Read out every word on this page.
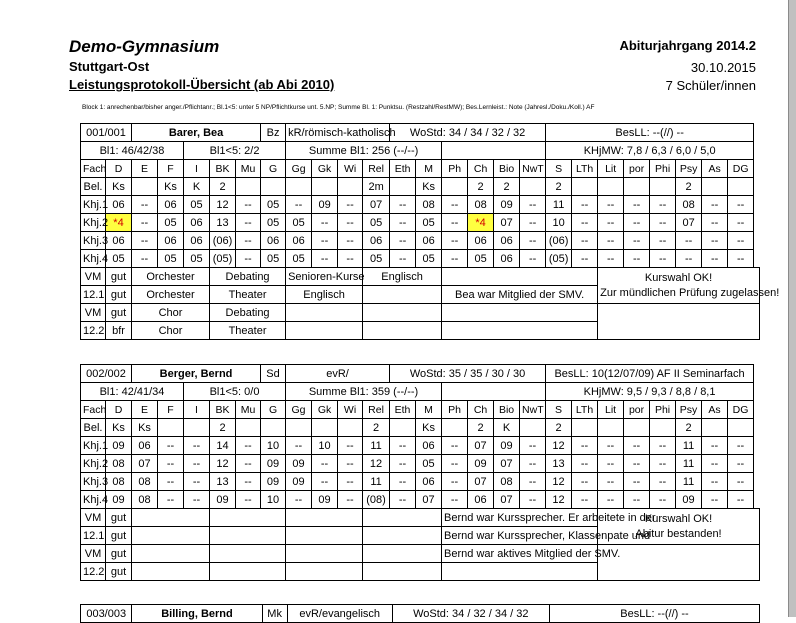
Demo-Gymnasium
Stuttgart-Ost
Leistungsprotokoll-Übersicht (ab Abi 2010)
Abiturjahrgang 2014.2
30.10.2015
7 Schüler/innen
Block 1: anrechenbar/bisher anger./Pflichtanr.; Bl.1<5: unter 5 NP/Pflichtkurse unt. 5.NP; Summe Bl. 1: Punktsu. (Restzahl/RestMW); Bes.Lernleist.: Note (Jahresl./Doku./Koll.) AF
001/001		Barer, Bea					Bz	kR/römisch-katholisch				WoStd: 34 / 34 / 32 / 32						BesLL: --(//) --							
Bl1: 46/42/38				Bl1<5: 2/2				Summe Bl1: 256 (--/--)										KHjMW: 7,8 / 6,3 / 6,0 / 5,0							
Fach	D	E	F	I	BK	Mu	G	Gg	Gk	Wi	Rel	Eth	M	Ph	Ch	Bio	NwT	S	LTh	Lit	por	Phi	Psy	As	DG
Bel.	Ks		Ks	K	2						2m		Ks		2	2		2					2		
Khj.1	06	--	06	05	12	--	05	--	09	--	07	--	08	--	08	09	--	11	--	--	--	--	08	--	--
Khj.2	*4	--	05	06	13	--	05	05	--	--	05	--	05	--	*4	07	--	10	--	--	--	--	07	--	--
Khj.3	06	--	06	06	(06)	--	06	06	--	--	06	--	06	--	06	06	--	(06)	--	--	--	--	--	--	--
Khj.4	05	--	05	05	(05)	--	05	05	--	--	05	--	05	--	05	06	--	(05)	--	--	--	--	--	--	--
VM	gut	Orchester			Debating			Senioren-Kurse			Englisch									Kurswahl OK!
Zur mündlichen Prüfung zugelassen!					
12.1	gut	Orchester			Theater			Englisch						Bea war Mitglied der SMV.											
VM	gut	Chor			Debating																				
12.2	bfr	Chor			Theater																				
002/002		Berger, Bernd					Sd	evR/				WoStd: 35 / 35 / 30 / 30						BesLL: 10(12/07/09) AF II Seminarfach							
Bl1: 42/41/34				Bl1<5: 0/0				Summe Bl1: 359 (--/--)										KHjMW: 9,5 / 9,3 / 8,8 / 8,1							
Fach	D	E	F	I	BK	Mu	G	Gg	Gk	Wi	Rel	Eth	M	Ph	Ch	Bio	NwT	S	LTh	Lit	por	Phi	Psy	As	DG
Bel.	Ks	Ks			2						2		Ks		2	K		2					2		
Khj.1	09	06	--	--	14	--	10	--	10	--	11	--	06	--	07	09	--	12	--	--	--	--	11	--	--
Khj.2	08	07	--	--	12	--	09	09	--	--	12	--	05	--	09	07	--	13	--	--	--	--	11	--	--
Khj.3	08	08	--	--	13	--	09	09	--	--	11	--	06	--	07	08	--	12	--	--	--	--	11	--	--
Khj.4	09	08	--	--	09	--	10	--	09	--	(08)	--	07	--	06	07	--	12	--	--	--	--	09	--	--
VM	gut													Bernd war Kurssprecher. Er arbeitete in der						Kurswahl OK!
Abitur bestanden!					
12.1	gut													Bernd war Kurssprecher, Klassenpate und											
VM	gut													Bernd war aktives Mitglied der SMV.											
12.2	gut																								
003/003	Billing, Bernd	Mk	evR/evangelisch	WoStd: 34 / 32 / 34 / 32	BesLL: --(//) --
